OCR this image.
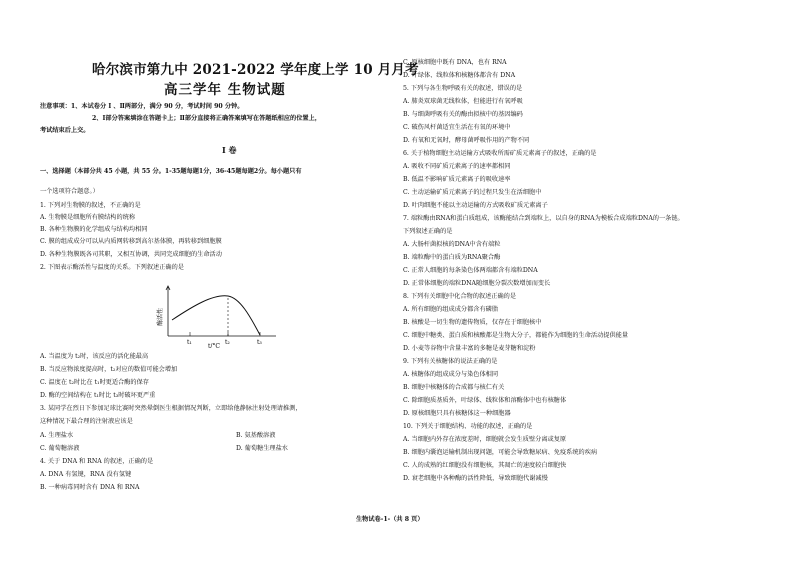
哈尔滨市第九中 2021-2022 学年度上学 10 月月考
高三学年 生物试题
注意事项：1、本试卷分 Ⅰ 、Ⅱ两部分，满分 90 分，考试时间 90 分钟。
2、Ⅰ部分答案填涂在答题卡上；Ⅱ部分直接将正确答案填写在答题纸相应的位置上，
考试结束后上交。
Ⅰ 卷
一、选择题（本部分共 45 小题，共 55 分。1-35题每题1分，36-45题每题2分。每小题只有
一个选项符合题意。）
1. 下列对生物膜的叙述，不正确的是
A. 生物膜是细胞所有膜结构的统称
B. 各种生物膜的化学组成与结构均相同
C. 膜的组成成分可以从内质网转移到高尔基体膜，再转移到细胞膜
D. 各种生物膜既各司其职，又相互协调，共同完成细胞的生命活动
2. 下图表示酶活性与温度的关系。下列叙述正确的是
t₁	t₂	t₃
t/°C
酶活性
A. 当温度为 t₂时，该反应的活化能最高
B. 当反应物浓度提高时，t₂对应的数值可能会增加
C. 温度在 t₂时比在 t₁时更适合酶的保存
D. 酶的空间结构在 t₁时比 t₃时破坏更严重
3. 某同学在烈日下参加足球比赛时突然晕倒医生根据情况判断，立即给他静脉注射处理请推测，
这种情况下最合理的注射液应该是
A. 生理盐水	B. 氨基酸溶液
C. 葡萄糖溶液	D. 葡萄糖生理盐水
4. 关于 DNA 和 RNA 的叙述，正确的是
A. DNA 有氢键，RNA 没有氢键
B. 一种病毒同时含有 DNA 和 RNA
C. 原核细胞中既有 DNA，也有 RNA
D. 叶绿体、线粒体和核糖体都含有 DNA
5. 下列与各生物呼吸有关的叙述，错误的是
A. 肺炎双球菌无线粒体，但能进行有氧呼吸
B. 与细菌呼吸有关的酶由拟核中的基因编码
C. 破伤风杆菌适宜生活在有氧的环境中
D. 有氧和无氧时，酵母菌呼吸作用的产物不同
6. 关于植物细胞主动运输方式吸收所需矿质元素离子的叙述，正确的是
A. 吸收不同矿质元素离子的速率都相同
B. 低温不影响矿质元素离子的吸收速率
C. 主动运输矿质元素离子的过程只发生在活细胞中
D. 叶肉细胞不能以主动运输的方式吸收矿质元素离子
7. 端粒酶由RNA和蛋白质组成，该酶能结合到端粒上，以自身的RNA为模板合成端粒DNA的一条链。
下列叙述正确的是
A. 大肠杆菌拟核的DNA中含有端粒
B. 端粒酶中的蛋白质为RNA聚合酶
C. 正常人细胞的每条染色体两端都含有端粒DNA
D. 正常体细胞的端粒DNA随细胞分裂次数增加而变长
8. 下列有关细胞中化合物的叙述正确的是
A. 所有细胞的组成成分都含有磷脂
B. 核酸是一切生物的遗传物质，仅存在于细胞核中
C. 细胞中糖类、蛋白质和核酸都是生物大分子，都能作为细胞的生命活动提供能量
D. 小麦等谷物中含量丰富的多糖是麦芽糖和淀粉
9. 下列有关核糖体的说法正确的是
A. 核糖体的组成成分与染色体相同
B. 细胞中核糖体的合成都与核仁有关
C. 除细胞质基质外，叶绿体、线粒体和溶酶体中也有核糖体
D. 原核细胞只具有核糖体这一种细胞器
10. 下列关于细胞结构、功能的叙述，正确的是
A. 当细胞内外存在浓度差时，细胞就会发生质壁分离或复原
B. 细胞内囊泡运输机制出现问题，可能会导致糖尿病、免疫系统的疾病
C. 人的成熟的红细胞没有细胞核，其凋亡的速度较白细胞快
D. 衰老细胞中各种酶的活性降低，导致细胞代谢减慢
生物试卷-1-（共 8 页）
